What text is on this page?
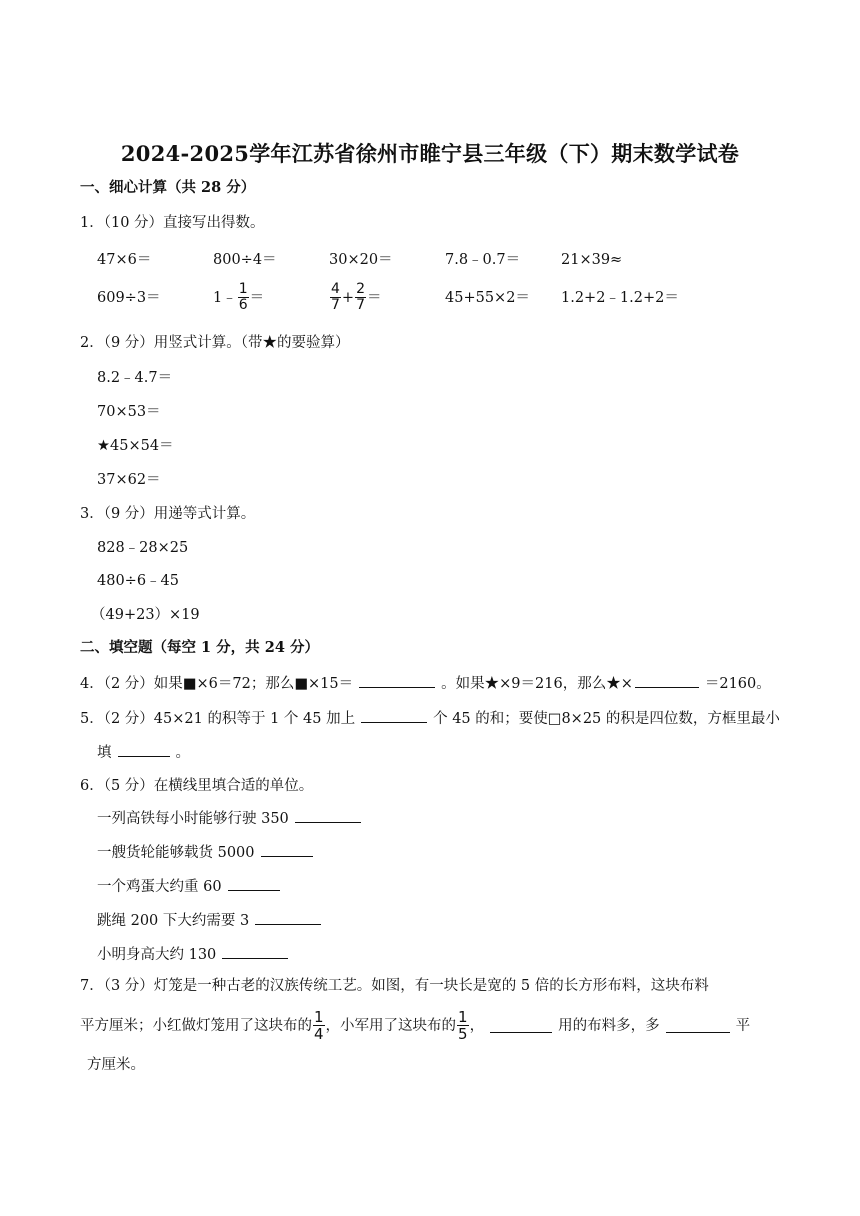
2024-2025学年江苏省徐州市睢宁县三年级（下）期末数学试卷
一、细心计算（共 28 分）
1．（10 分）直接写出得数。
47×6＝	800÷4＝	30×20＝	7.8﹣0.7＝	21×39≈
609÷3＝	1﹣ $\frac{1}{6}$ ＝	$\frac{4}{7} + \frac{2}{7}$ ＝	45+55×2＝ 1.2+2﹣1.2+2＝
2．（9 分）用竖式计算。（带★的要验算）
8.2﹣4.7＝
70×53＝
★45×54＝
37×62＝
3．（9 分）用递等式计算。
828﹣28×25
480÷6﹣45
（49+23）×19
二、填空题（每空 1 分，共 24 分）
4．（2 分）如果■×6＝72；那么■×15＝	。如果★×9＝216，那么★×	＝2160。
5．（2 分）45×21 的积等于 1 个 45 加上	个 45 的和；要使□8×25 的积是四位数，方框里最小
填	。
6．（5 分）在横线里填合适的单位。
一列高铁每小时能够行驶 350
一艘货轮能够载货 5000
一个鸡蛋大约重 60
跳绳 200 下大约需要 3
小明身高大约 130
7．（3 分）灯笼是一种古老的汉族传统工艺。如图，有一块长是宽的 5 倍的长方形布料，这块布料
平方厘米；小红做灯笼用了这块布的 $\frac{1}{4}$ ，小军用了这块布的 $\frac{1}{5}$ ，	用的布料多，多	平
方厘米。
